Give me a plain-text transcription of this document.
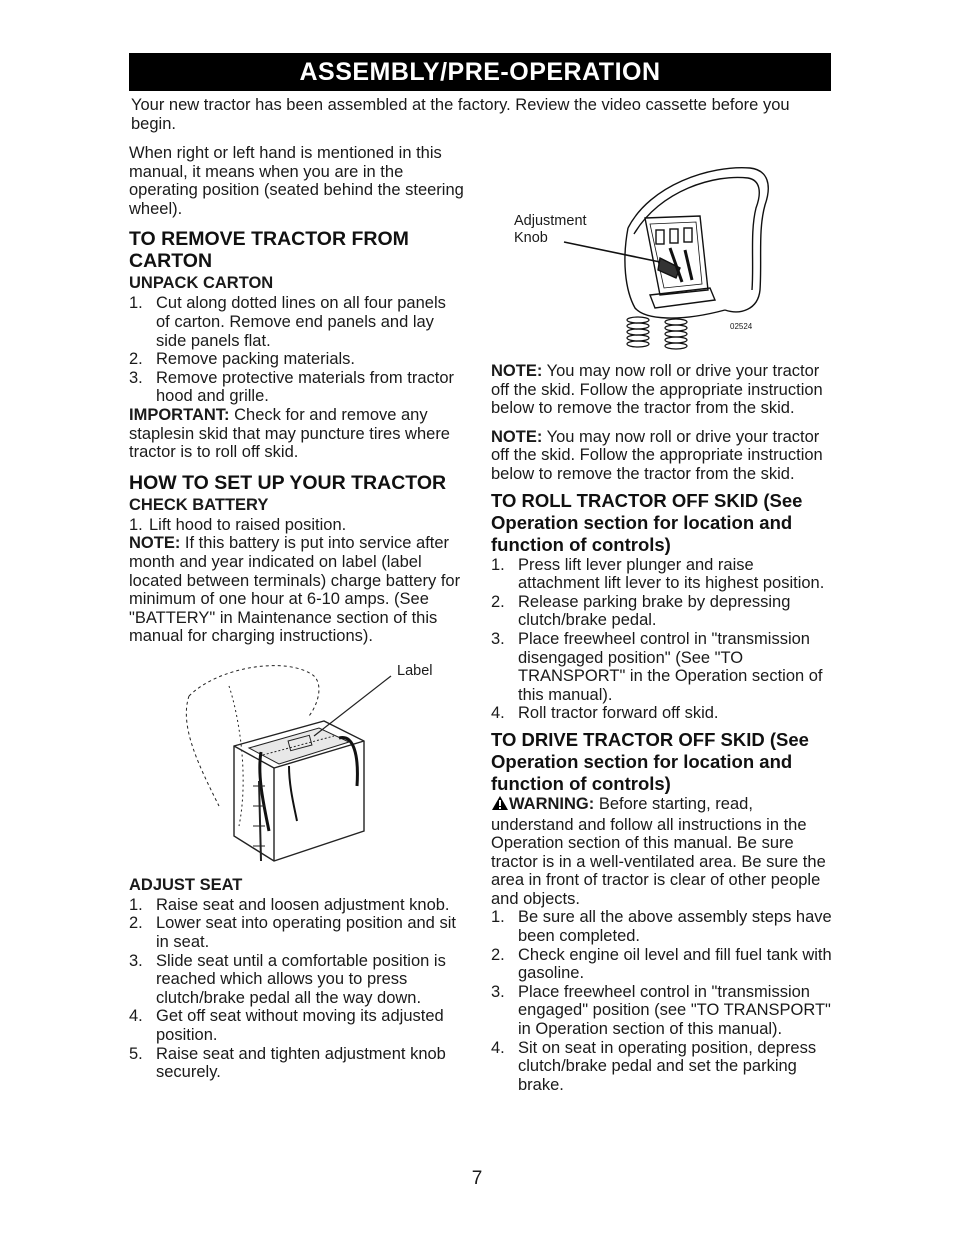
ASSEMBLY/PRE-OPERATION

Your new tractor has been assembled at the factory. Review the video cassette before you begin.

Adjustment
Knob
02524

When right or left hand is mentioned in this manual, it means when you are in the operating position (seated behind the steering wheel).

TO REMOVE TRACTOR FROM CARTON
UNPACK CARTON
1. Cut along dotted lines on all four panels of carton. Remove end panels and lay side panels flat.
2. Remove packing materials.
3. Remove protective materials from tractor hood and grille.

IMPORTANT: Check for and remove any staplesin skid that may puncture tires where tractor is to roll off skid.

HOW TO SET UP YOUR TRACTOR
CHECK BATTERY
1. Lift hood to raised position.

NOTE: If this battery is put into service after month and year indicated on label (label located between terminals) charge battery for minimum of one hour at 6-10 amps. (See "BATTERY" in Maintenance section of this manual for charging instructions).

Label
ADJUST SEAT
1. Raise seat and loosen adjustment knob.
2. Lower seat into operating position and sit in seat.
3. Slide seat until a comfortable position is reached which allows you to press clutch/brake pedal all the way down.
4. Get off seat without moving its adjusted position.
5. Raise seat and tighten adjustment knob securely.

NOTE: You may now roll or drive your tractor off the skid. Follow the appropriate instruction below to remove the tractor from the skid.

NOTE: You may now roll or drive your tractor off the skid. Follow the appropriate instruction below to remove the tractor from the skid.

TO ROLL TRACTOR OFF SKID (See Operation section for location and function of controls)
1. Press lift lever plunger and raise attachment lift lever to its highest position.
2. Release parking brake by depressing clutch/brake pedal.
3. Place freewheel control in "transmission disengaged position" (See "TO TRANSPORT" in the Operation section of this manual).
4. Roll tractor forward off skid.
TO DRIVE TRACTOR OFF SKID (See Operation section for location and function of controls)

WARNING: Before starting, read, understand and follow all instructions in the Operation section of this manual. Be sure tractor is in a well-ventilated area. Be sure the area in front of tractor is clear of other people and objects.

1. Be sure all the above assembly steps have been completed.
2. Check engine oil level and fill fuel tank with gasoline.
3. Place freewheel control in "transmission engaged" position (see "TO TRANSPORT" in Operation section of this manual).
4. Sit on seat in operating position, depress clutch/brake pedal and set the parking brake.
7
